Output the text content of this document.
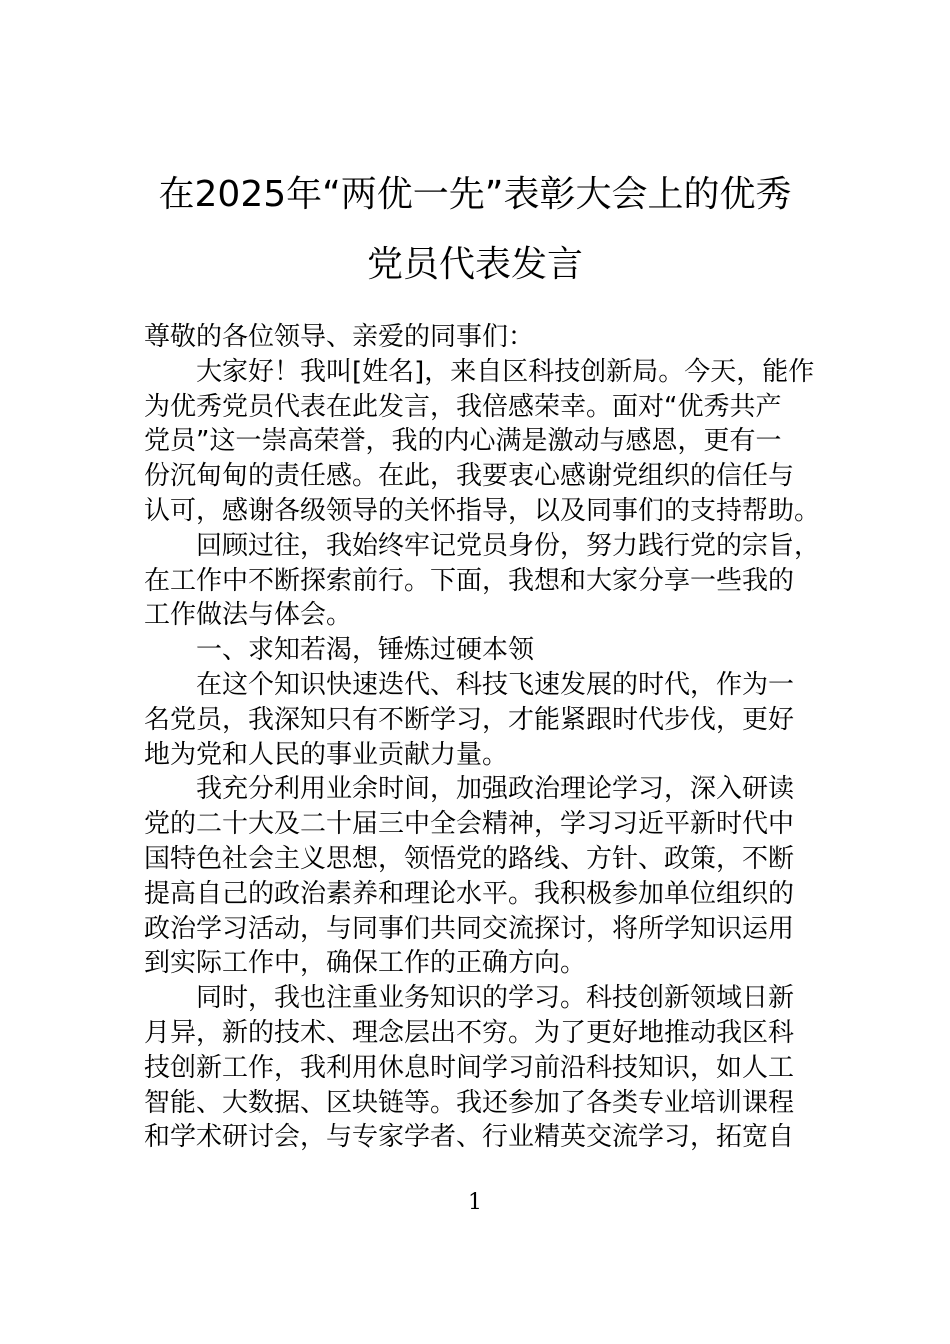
在2025年“两优一先”表彰大会上的优秀
党员代表发言
尊敬的各位领导、亲爱的同事们：
大家好！我叫[姓名]，来自区科技创新局。今天，能作
为优秀党员代表在此发言，我倍感荣幸。面对“优秀共产
党员”这一崇高荣誉，我的内心满是激动与感恩，更有一
份沉甸甸的责任感。在此，我要衷心感谢党组织的信任与
认可，感谢各级领导的关怀指导，以及同事们的支持帮助。
回顾过往，我始终牢记党员身份，努力践行党的宗旨，
在工作中不断探索前行。下面，我想和大家分享一些我的
工作做法与体会。
一、求知若渴，锤炼过硬本领
在这个知识快速迭代、科技飞速发展的时代，作为一
名党员，我深知只有不断学习，才能紧跟时代步伐，更好
地为党和人民的事业贡献力量。
我充分利用业余时间，加强政治理论学习，深入研读
党的二十大及二十届三中全会精神，学习习近平新时代中
国特色社会主义思想，领悟党的路线、方针、政策，不断
提高自己的政治素养和理论水平。我积极参加单位组织的
政治学习活动，与同事们共同交流探讨，将所学知识运用
到实际工作中，确保工作的正确方向。
同时，我也注重业务知识的学习。科技创新领域日新
月异，新的技术、理念层出不穷。为了更好地推动我区科
技创新工作，我利用休息时间学习前沿科技知识，如人工
智能、大数据、区块链等。我还参加了各类专业培训课程
和学术研讨会，与专家学者、行业精英交流学习，拓宽自
1
